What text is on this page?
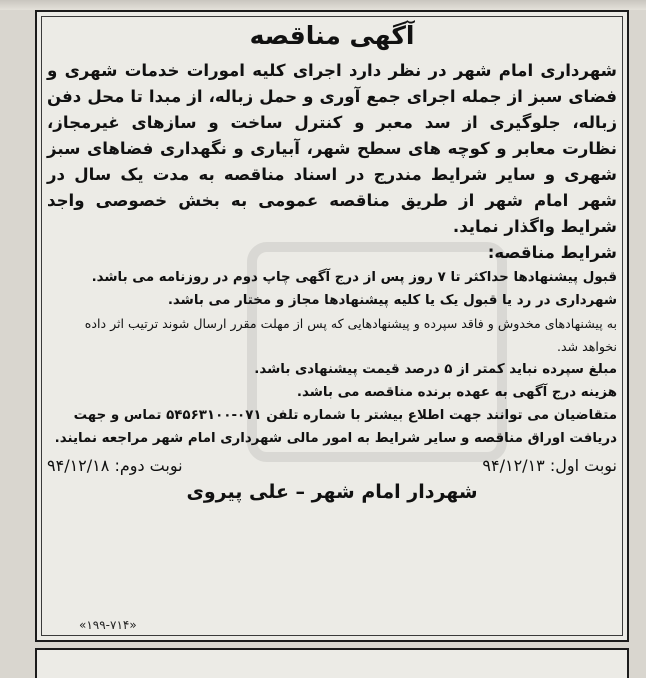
آگهی مناقصه
شهرداری امام شهر در نظر دارد اجرای کلیه امورات خدمات شهری و فضای سبز از جمله اجرای جمع آوری و حمل زباله، از مبدا تا محل دفن زباله، جلوگیری از سد معبر و کنترل ساخت و سازهای غیرمجاز، نظارت معابر و کوچه های سطح شهر، آبیاری و نگهداری فضاهای سبز شهری و سایر شرایط مندرج در اسناد مناقصه به مدت یک سال در شهر امام شهر از طریق مناقصه عمومی به بخش خصوصی واجد شرایط واگذار نماید.
شرایط مناقصه:
قبول پیشنهادها حداکثر تا ۷ روز پس از درج آگهی چاپ دوم در روزنامه می باشد.
شهرداری در رد یا قبول یک یا کلیه پیشنهادها مجاز و مختار می باشد.
به پیشنهادهای مخدوش و فاقد سپرده و پیشنهادهایی که پس از مهلت مقرر ارسال شوند ترتیب اثر داده نخواهد شد.
مبلغ سپرده نباید کمتر از ۵ درصد قیمت پیشنهادی باشد.
هزینه درج آگهی به عهده برنده مناقصه می باشد.
متقاضیان می توانند جهت اطلاع بیشتر با شماره تلفن ۰۷۱-۵۴۵۶۳۱۰۰ تماس و جهت دریافت اوراق مناقصه و سایر شرایط به امور مالی شهرداری امام شهر مراجعه نمایند.
نوبت اول: ۹۴/۱۲/۱۳
نوبت دوم: ۹۴/۱۲/۱۸
شهردار امام شهر – علی پیروی
«۱۹۹-۷۱۴»
